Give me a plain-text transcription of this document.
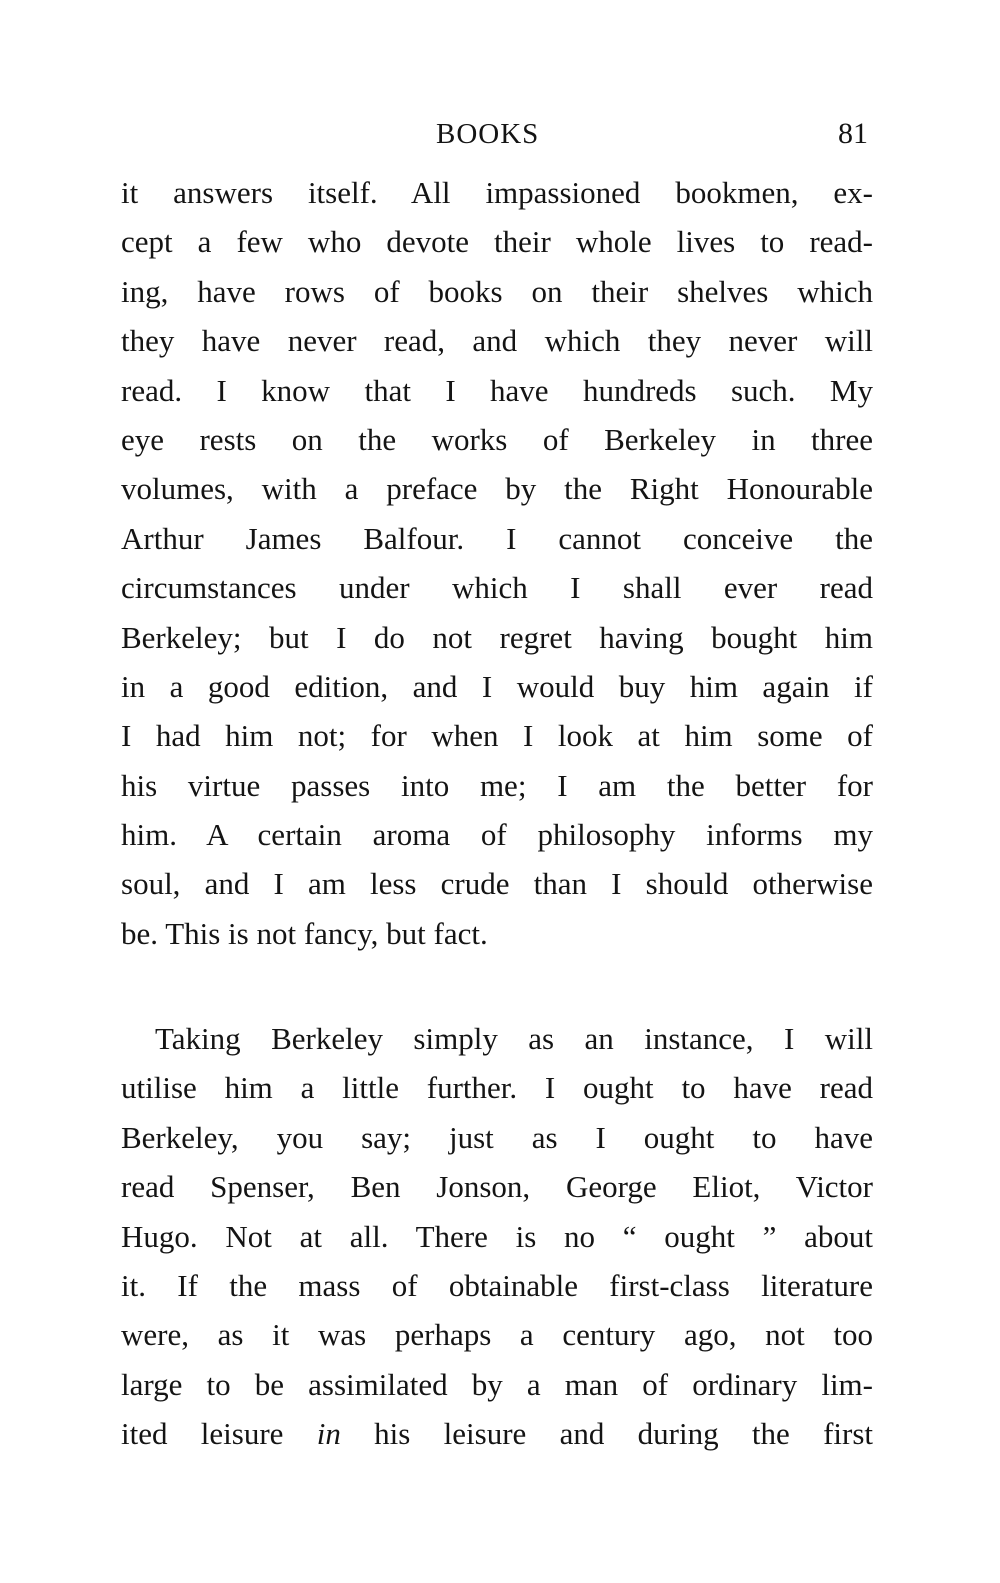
BOOKS	81
it answers itself. All impassioned bookmen, ex-
cept a few who devote their whole lives to read-
ing, have rows of books on their shelves which
they have never read, and which they never will
read. I know that I have hundreds such. My
eye rests on the works of Berkeley in three
volumes, with a preface by the Right Honourable
Arthur James Balfour. I cannot conceive the
circumstances under which I shall ever read
Berkeley; but I do not regret having bought him
in a good edition, and I would buy him again if
I had him not; for when I look at him some of
his virtue passes into me; I am the better for
him. A certain aroma of philosophy informs my
soul, and I am less crude than I should otherwise
be. This is not fancy, but fact.
Taking Berkeley simply as an instance, I will
utilise him a little further. I ought to have read
Berkeley, you say; just as I ought to have
read Spenser, Ben Jonson, George Eliot, Victor
Hugo. Not at all. There is no “ ought ” about
it. If the mass of obtainable first-class literature
were, as it was perhaps a century ago, not too
large to be assimilated by a man of ordinary lim-
ited leisure in his leisure and during the first
